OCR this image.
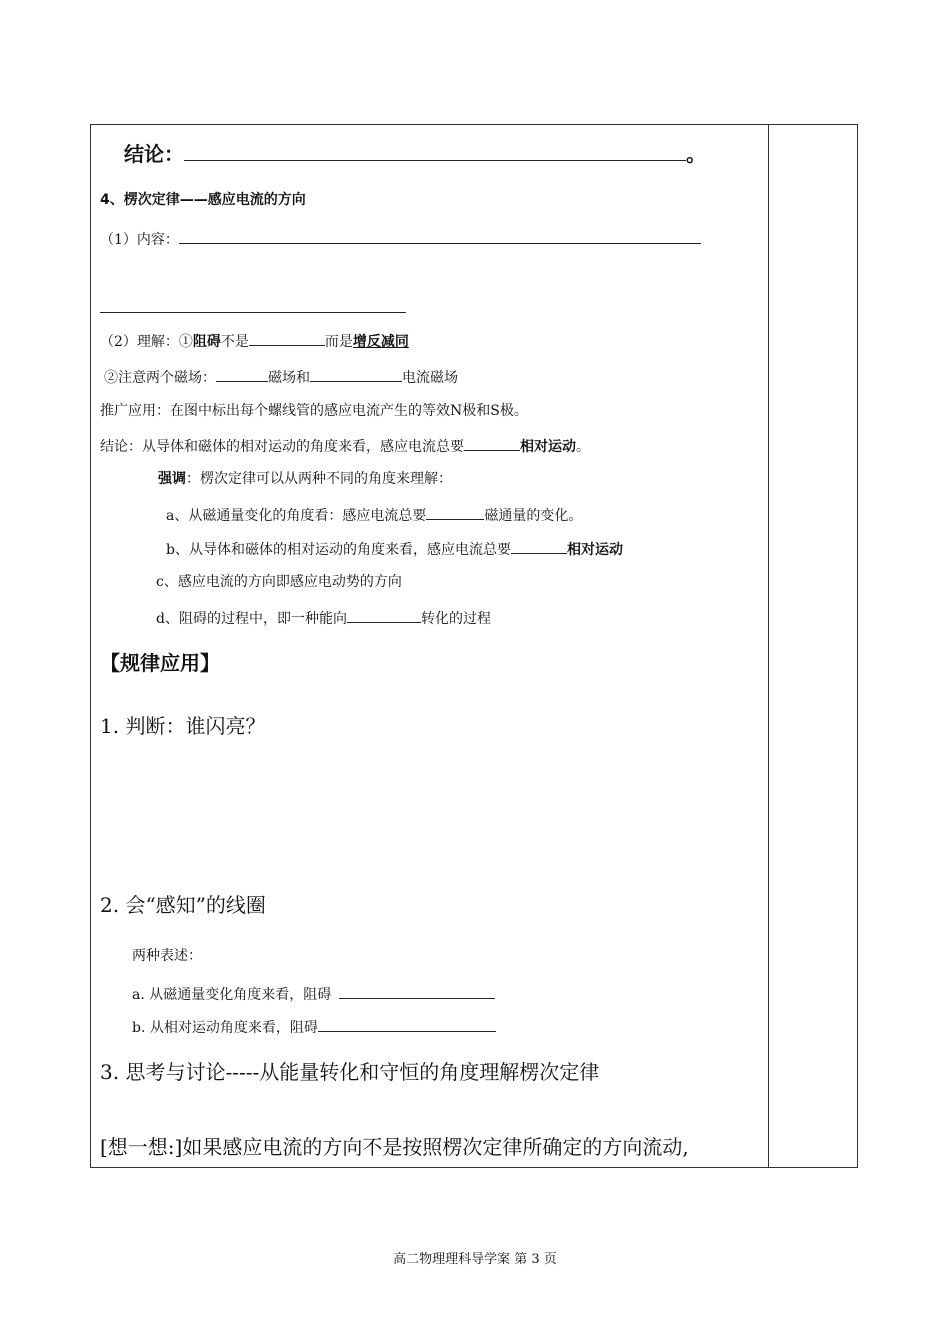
结论：	。
4、楞次定律——感应电流的方向
（1）内容：
（2）理解：①阻碍不是	而是增反减同
②注意两个磁场：	磁场和	电流磁场
推广应用：在图中标出每个螺线管的感应电流产生的等效N极和S极。
结论：从导体和磁体的相对运动的角度来看，感应电流总要	相对运动。
强调：楞次定律可以从两种不同的角度来理解：
a、从磁通量变化的角度看：感应电流总要	磁通量的变化。
b、从导体和磁体的相对运动的角度来看，感应电流总要	相对运动
c、感应电流的方向即感应电动势的方向
d、阻碍的过程中，即一种能向	转化的过程
【规律应用】
1. 判断：谁闪亮？
2. 会“感知”的线圈
两种表述：
a. 从磁通量变化角度来看，阻碍
b. 从相对运动角度来看，阻碍
3. 思考与讨论-----从能量转化和守恒的角度理解楞次定律
[想一想:]如果感应电流的方向不是按照楞次定律所确定的方向流动,
高二物理理科导学案 第 3 页
